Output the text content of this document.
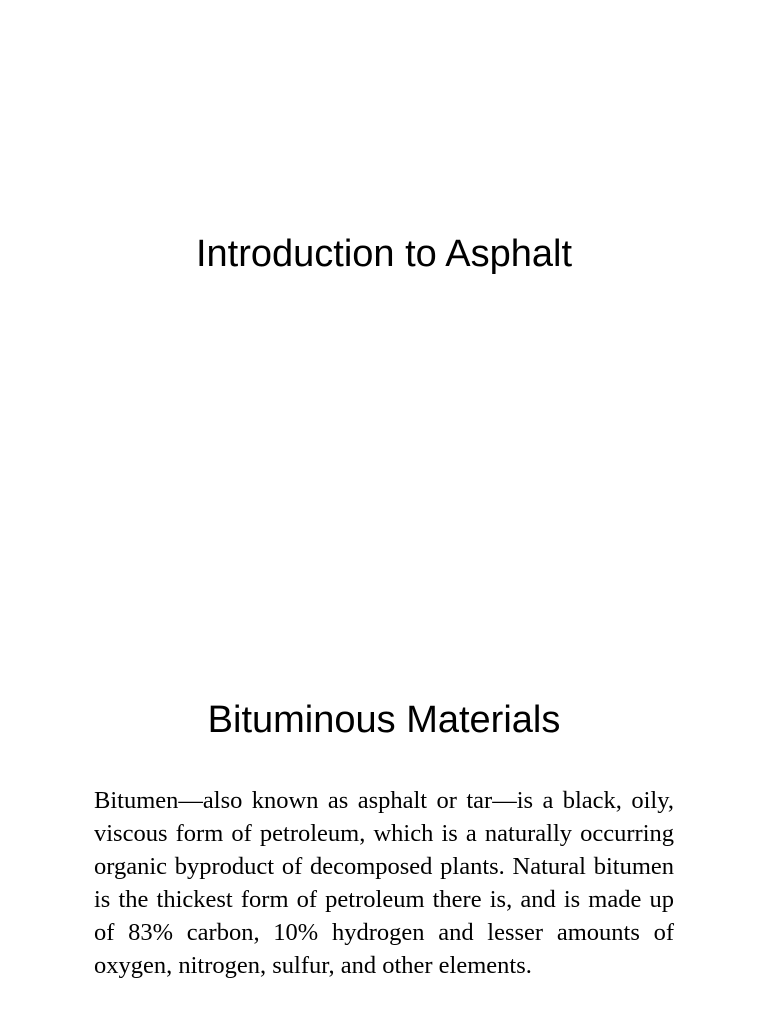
Introduction to Asphalt
Bituminous Materials

Bitumen—also known as asphalt or tar—is a black, oily, viscous form of petroleum, which is a naturally occurring organic byproduct of decomposed plants. Natural bitumen is the thickest form of petroleum there is, and is made up of 83% carbon, 10% hydrogen and lesser amounts of oxygen, nitrogen, sulfur, and other elements.
